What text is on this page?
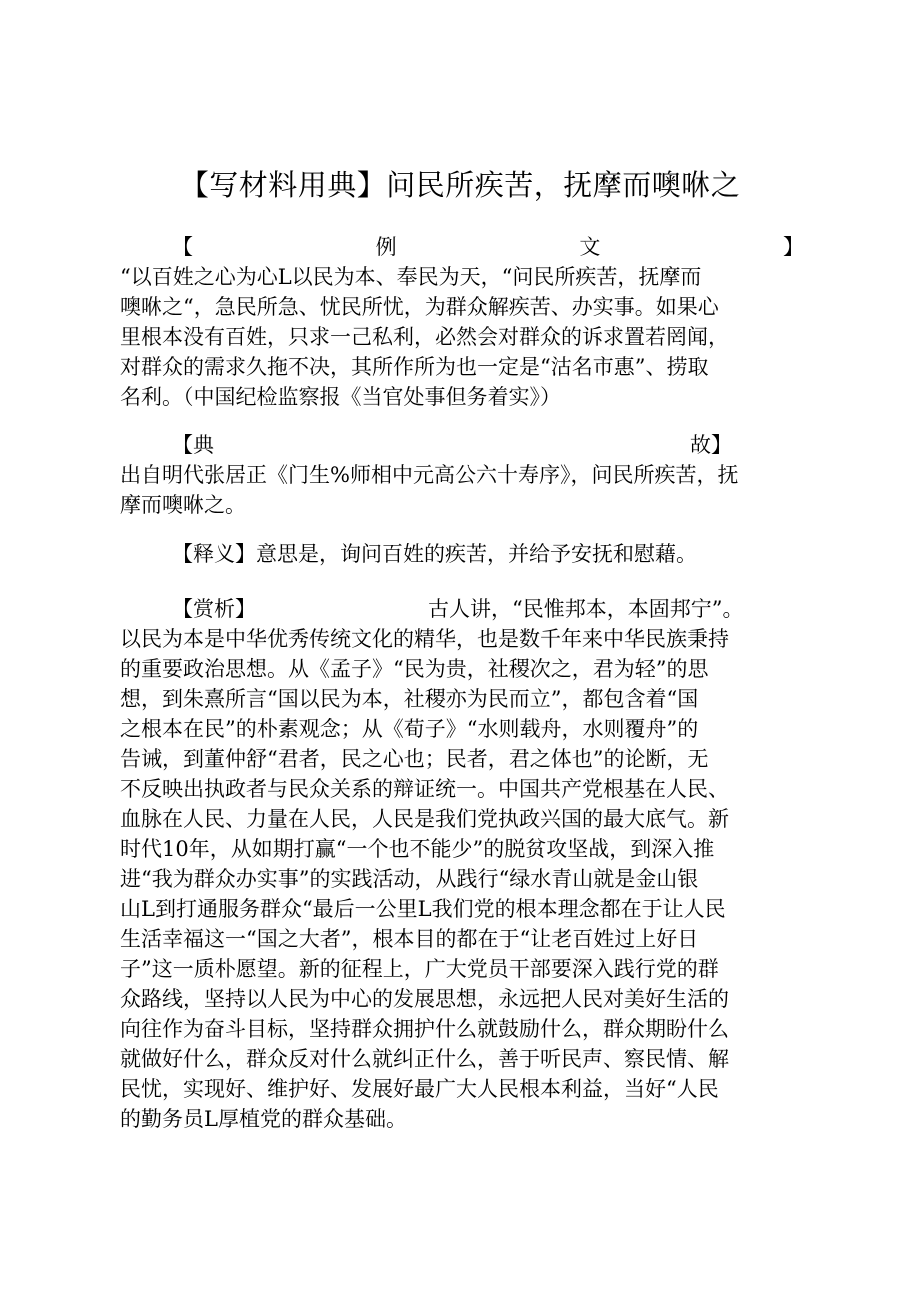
【写材料用典】问民所疾苦，抚摩而噢咻之
【	例	文	】
“以百姓之心为心L以民为本、奉民为天，“问民所疾苦，抚摩而
噢咻之“，急民所急、忧民所忧，为群众解疾苦、办实事。如果心
里根本没有百姓，只求一己私利，必然会对群众的诉求置若罔闻，
对群众的需求久拖不决，其所作所为也一定是“沽名市惠”、捞取
名利。（中国纪检监察报《当官处事但务着实》）
【典	故】
出自明代张居正《门生%师相中元高公六十寿序》，问民所疾苦，抚
摩而噢咻之。
【释义】意思是，询问百姓的疾苦，并给予安抚和慰藉。
【赏析】	古人讲，“民惟邦本，本固邦宁”。
以民为本是中华优秀传统文化的精华，也是数千年来中华民族秉持
的重要政治思想。从《孟子》“民为贵，社稷次之，君为轻”的思
想，到朱熹所言“国以民为本，社稷亦为民而立”，都包含着“国
之根本在民”的朴素观念；从《荀子》“水则载舟，水则覆舟”的
告诫，到董仲舒“君者，民之心也；民者，君之体也”的论断，无
不反映出执政者与民众关系的辩证统一。中国共产党根基在人民、
血脉在人民、力量在人民，人民是我们党执政兴国的最大底气。新
时代10年，从如期打赢“一个也不能少”的脱贫攻坚战，到深入推
进“我为群众办实事”的实践活动，从践行“绿水青山就是金山银
山L到打通服务群众“最后一公里L我们党的根本理念都在于让人民
生活幸福这一“国之大者”，根本目的都在于“让老百姓过上好日
子”这一质朴愿望。新的征程上，广大党员干部要深入践行党的群
众路线，坚持以人民为中心的发展思想，永远把人民对美好生活的
向往作为奋斗目标，坚持群众拥护什么就鼓励什么，群众期盼什么
就做好什么，群众反对什么就纠正什么，善于听民声、察民情、解
民忧，实现好、维护好、发展好最广大人民根本利益，当好“人民
的勤务员L厚植党的群众基础。
